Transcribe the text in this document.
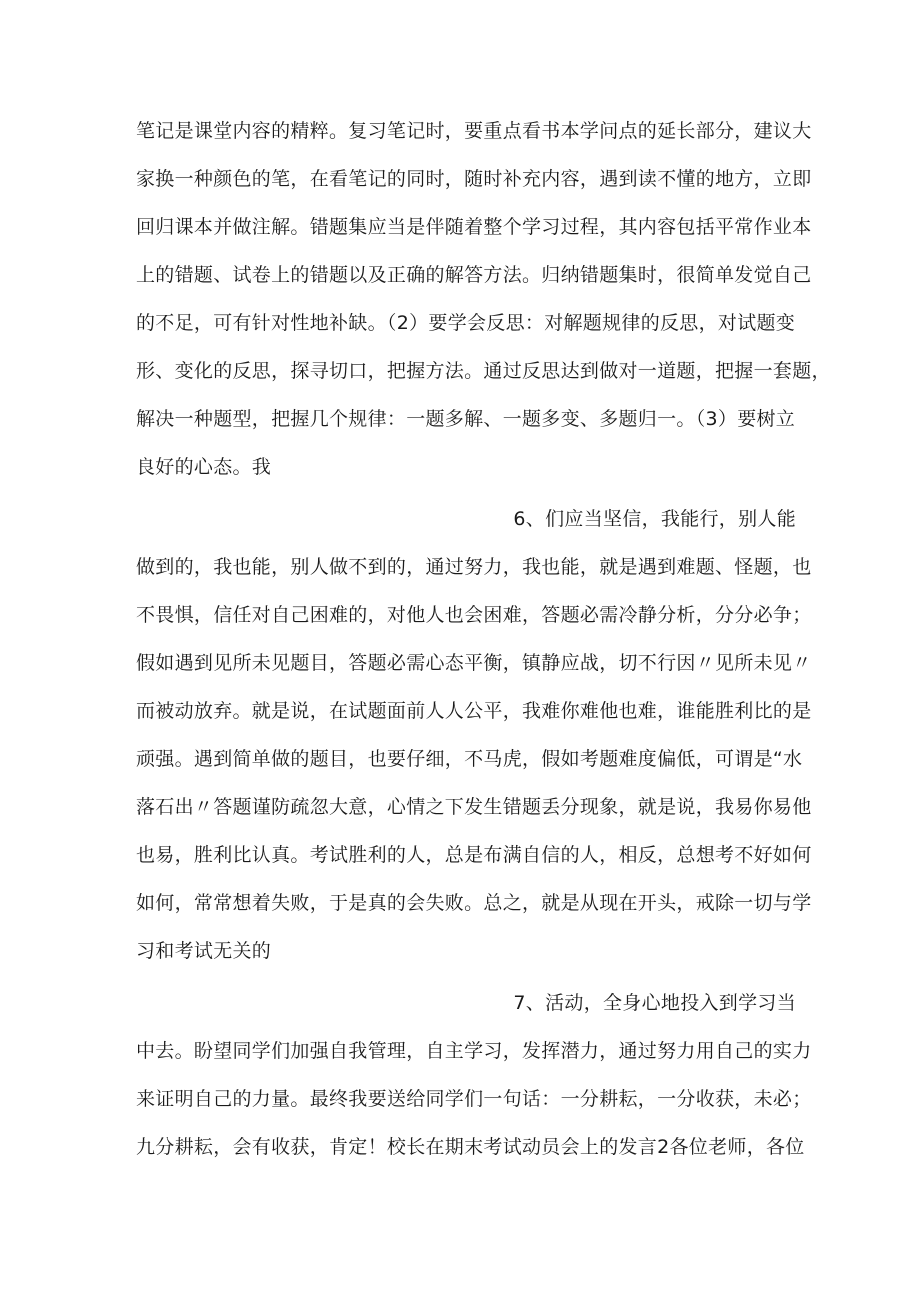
笔记是课堂内容的精粹。复习笔记时，要重点看书本学问点的延长部分，建议大
家换一种颜色的笔，在看笔记的同时，随时补充内容，遇到读不懂的地方，立即
回归课本并做注解。错题集应当是伴随着整个学习过程，其内容包括平常作业本
上的错题、试卷上的错题以及正确的解答方法。归纳错题集时，很简单发觉自己
的不足，可有针对性地补缺。（2）要学会反思：对解题规律的反思，对试题变
形、变化的反思，探寻切口，把握方法。通过反思达到做对一道题，把握一套题，
解决一种题型，把握几个规律：一题多解、一题多变、多题归一。（3）要树立
良好的心态。我
6、们应当坚信，我能行，别人能
做到的，我也能，别人做不到的，通过努力，我也能，就是遇到难题、怪题，也
不畏惧，信任对自己困难的，对他人也会困难，答题必需冷静分析，分分必争；
假如遇到见所未见题目，答题必需心态平衡，镇静应战，切不行因〃见所未见〃
而被动放弃。就是说，在试题面前人人公平，我难你难他也难，谁能胜利比的是
顽强。遇到简单做的题目，也要仔细，不马虎，假如考题难度偏低，可谓是“水
落石出〃答题谨防疏忽大意，心情之下发生错题丢分现象，就是说，我易你易他
也易，胜利比认真。考试胜利的人，总是布满自信的人，相反，总想考不好如何
如何，常常想着失败，于是真的会失败。总之，就是从现在开头，戒除一切与学
习和考试无关的
7、活动，全身心地投入到学习当
中去。盼望同学们加强自我管理，自主学习，发挥潜力，通过努力用自己的实力
来证明自己的力量。最终我要送给同学们一句话：一分耕耘，一分收获，未必；
九分耕耘，会有收获，肯定！校长在期末考试动员会上的发言2各位老师，各位
